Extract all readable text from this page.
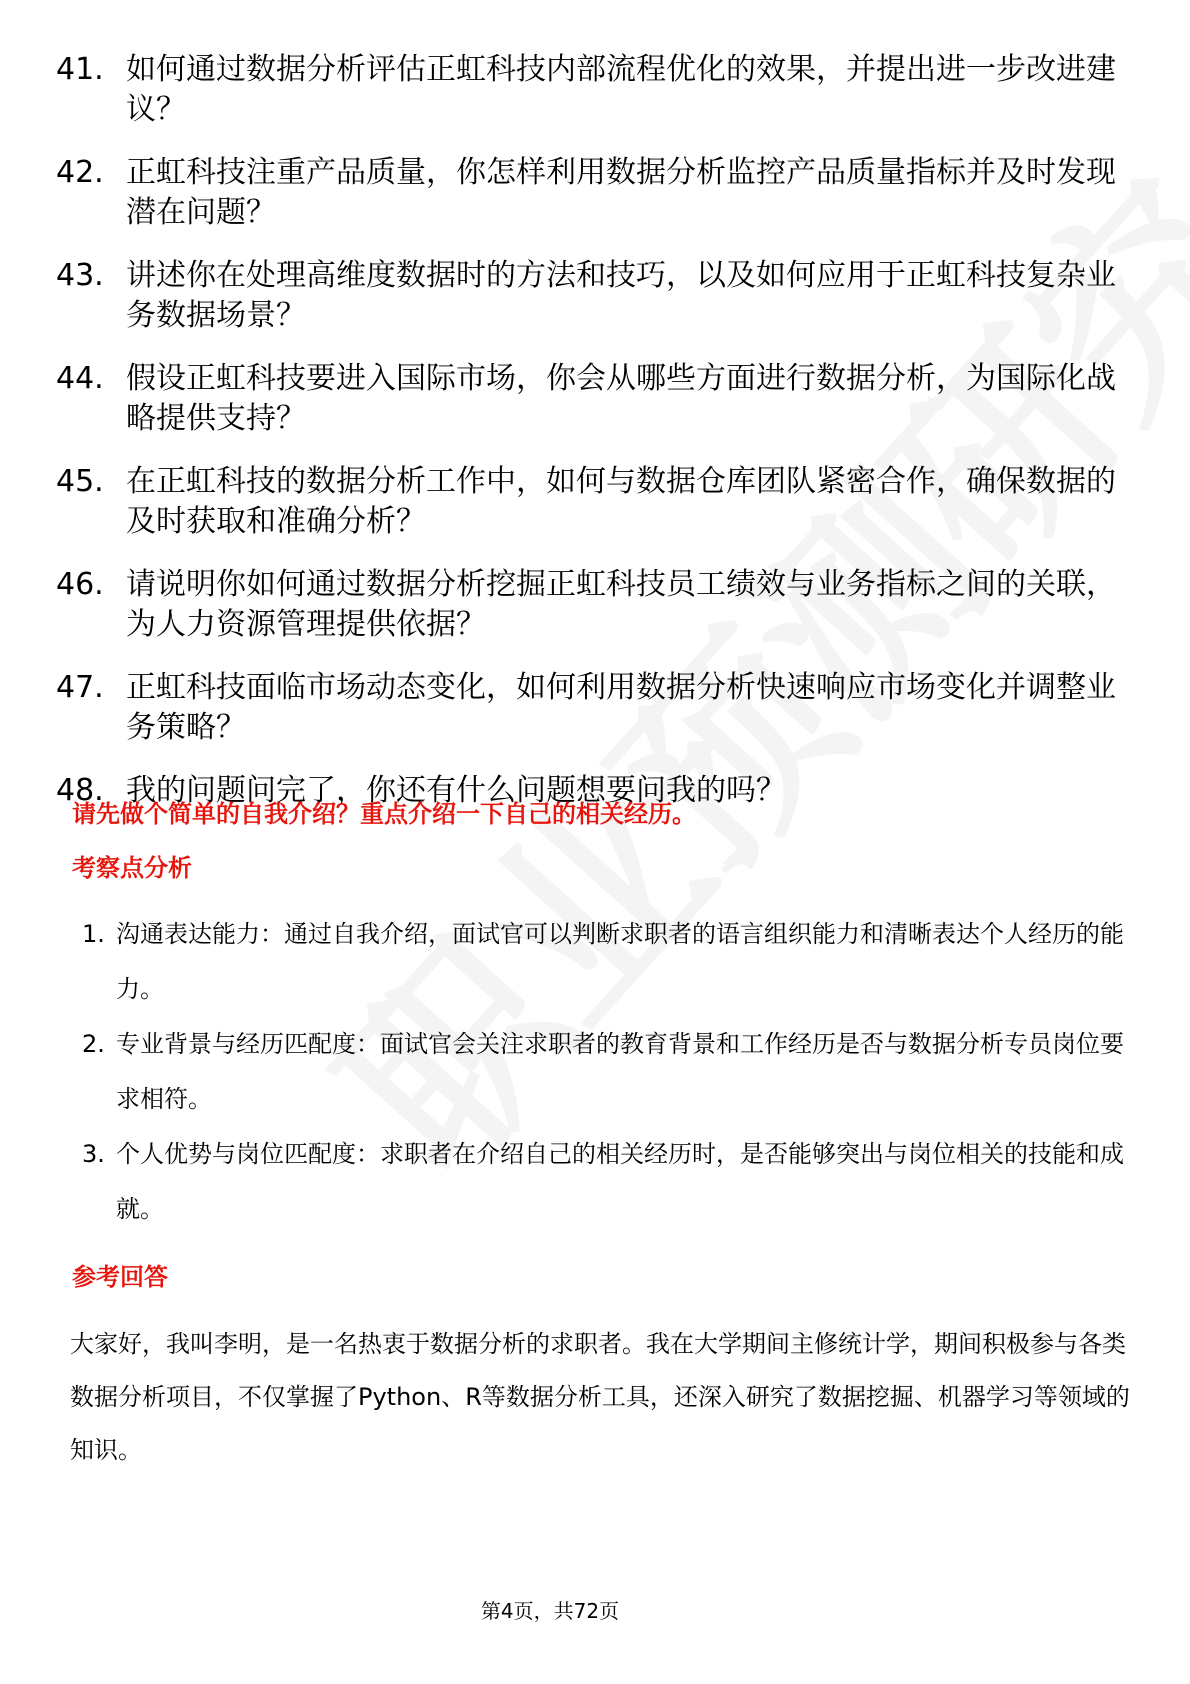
41. 如何通过数据分析评估正虹科技内部流程优化的效果，并提出进一步改进建议？
42. 正虹科技注重产品质量，你怎样利用数据分析监控产品质量指标并及时发现潜在问题？
43. 讲述你在处理高维度数据时的方法和技巧，以及如何应用于正虹科技复杂业务数据场景？
44. 假设正虹科技要进入国际市场，你会从哪些方面进行数据分析，为国际化战略提供支持？
45. 在正虹科技的数据分析工作中，如何与数据仓库团队紧密合作，确保数据的及时获取和准确分析？
46. 请说明你如何通过数据分析挖掘正虹科技员工绩效与业务指标之间的关联，为人力资源管理提供依据？
47. 正虹科技面临市场动态变化，如何利用数据分析快速响应市场变化并调整业务策略？
48. 我的问题问完了，你还有什么问题想要问我的吗？
请先做个简单的自我介绍？重点介绍一下自己的相关经历。
考察点分析
1. 沟通表达能力：通过自我介绍，面试官可以判断求职者的语言组织能力和清晰表达个人经历的能力。
2. 专业背景与经历匹配度：面试官会关注求职者的教育背景和工作经历是否与数据分析专员岗位要求相符。
3. 个人优势与岗位匹配度：求职者在介绍自己的相关经历时，是否能够突出与岗位相关的技能和成就。
参考回答

大家好，我叫李明，是一名热衷于数据分析的求职者。我在大学期间主修统计学，期间积极参与各类数据分析项目，不仅掌握了Python、R等数据分析工具，还深入研究了数据挖掘、机器学习等领域的知识。

第4页，共72页
